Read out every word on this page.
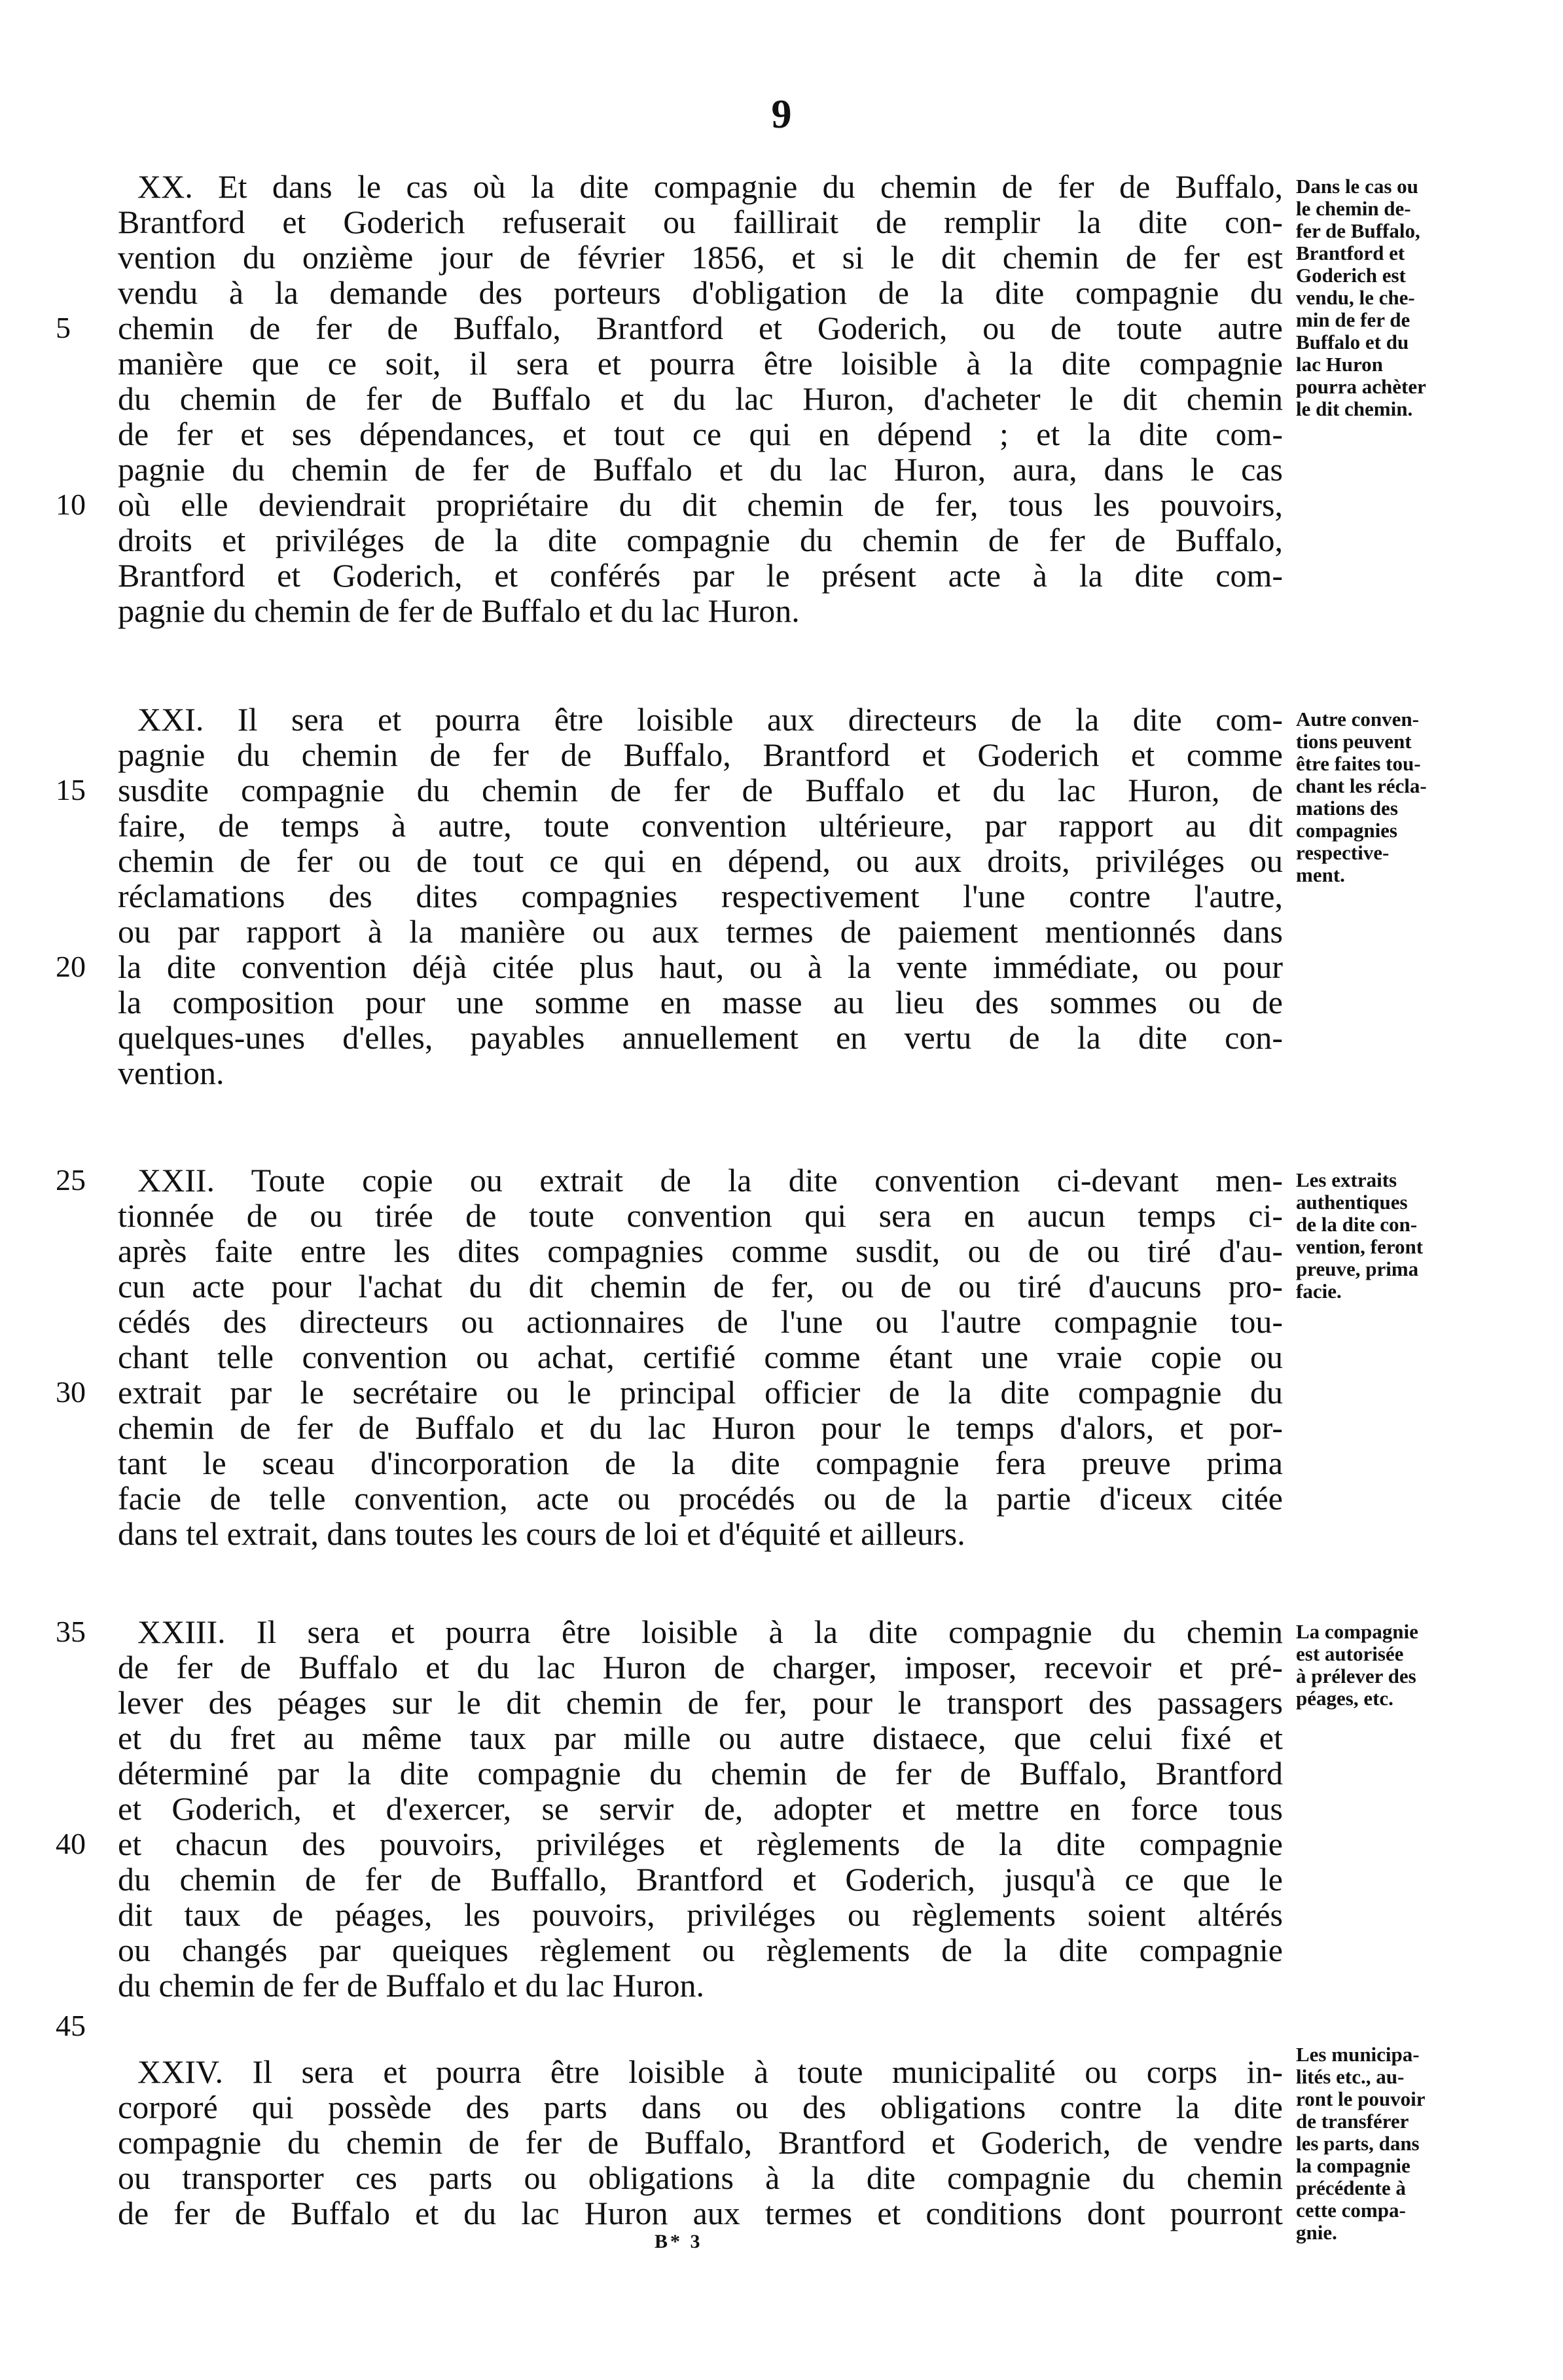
9
XX. Et dans le cas où la dite compagnie du chemin de fer de Buffalo,
Brantford et Goderich refuserait ou faillirait de remplir la dite con-
vention du onzième jour de février 1856, et si le dit chemin de fer est
vendu à la demande des porteurs d'obligation de la dite compagnie du
chemin de fer de Buffalo, Brantford et Goderich, ou de toute autre
manière que ce soit, il sera et pourra être loisible à la dite compagnie
du chemin de fer de Buffalo et du lac Huron, d'acheter le dit chemin
de fer et ses dépendances, et tout ce qui en dépend ; et la dite com-
pagnie du chemin de fer de Buffalo et du lac Huron, aura, dans le cas
où elle deviendrait propriétaire du dit chemin de fer, tous les pouvoirs,
droits et priviléges de la dite compagnie du chemin de fer de Buffalo,
Brantford et Goderich, et conférés par le présent acte à la dite com-
pagnie du chemin de fer de Buffalo et du lac Huron.
Dans le cas ou
le chemin de-
fer de Buffalo,
Brantford et
Goderich est
vendu, le che-
min de fer de
Buffalo et du
lac Huron
pourra achèter
le dit chemin.
XXI. Il sera et pourra être loisible aux directeurs de la dite com-
pagnie du chemin de fer de Buffalo, Brantford et Goderich et comme
susdite compagnie du chemin de fer de Buffalo et du lac Huron, de
faire, de temps à autre, toute convention ultérieure, par rapport au dit
chemin de fer ou de tout ce qui en dépend, ou aux droits, priviléges ou
réclamations des dites compagnies respectivement l'une contre l'autre,
ou par rapport à la manière ou aux termes de paiement mentionnés dans
la dite convention déjà citée plus haut, ou à la vente immédiate, ou pour
la composition pour une somme en masse au lieu des sommes ou de
quelques-unes d'elles, payables annuellement en vertu de la dite con-
vention.
Autre conven-
tions peuvent
être faites tou-
chant les récla-
mations des
compagnies
respective-
ment.
XXII. Toute copie ou extrait de la dite convention ci-devant men-
tionnée de ou tirée de toute convention qui sera en aucun temps ci-
après faite entre les dites compagnies comme susdit, ou de ou tiré d'au-
cun acte pour l'achat du dit chemin de fer, ou de ou tiré d'aucuns pro-
cédés des directeurs ou actionnaires de l'une ou l'autre compagnie tou-
chant telle convention ou achat, certifié comme étant une vraie copie ou
extrait par le secrétaire ou le principal officier de la dite compagnie du
chemin de fer de Buffalo et du lac Huron pour le temps d'alors, et por-
tant le sceau d'incorporation de la dite compagnie fera preuve prima
facie de telle convention, acte ou procédés ou de la partie d'iceux citée
dans tel extrait, dans toutes les cours de loi et d'équité et ailleurs.
Les extraits
authentiques
de la dite con-
vention, feront
preuve, prima
facie.
XXIII. Il sera et pourra être loisible à la dite compagnie du chemin
de fer de Buffalo et du lac Huron de charger, imposer, recevoir et pré-
lever des péages sur le dit chemin de fer, pour le transport des passagers
et du fret au même taux par mille ou autre distaece, que celui fixé et
déterminé par la dite compagnie du chemin de fer de Buffalo, Brantford
et Goderich, et d'exercer, se servir de, adopter et mettre en force tous
et chacun des pouvoirs, priviléges et règlements de la dite compagnie
du chemin de fer de Buffallo, Brantford et Goderich, jusqu'à ce que le
dit taux de péages, les pouvoirs, priviléges ou règlements soient altérés
ou changés par queiques règlement ou règlements de la dite compagnie
du chemin de fer de Buffalo et du lac Huron.
La compagnie
est autorisée
à prélever des
péages, etc.
XXIV. Il sera et pourra être loisible à toute municipalité ou corps in-
corporé qui possède des parts dans ou des obligations contre la dite
compagnie du chemin de fer de Buffalo, Brantford et Goderich, de vendre
ou transporter ces parts ou obligations à la dite compagnie du chemin
de fer de Buffalo et du lac Huron aux termes et conditions dont pourront
Les municipa-
lités etc., au-
ront le pouvoir
de transférer
les parts, dans
la compagnie
précédente à
cette compa-
gnie.
B* 3
5
10
15
20
25
30
35
40
45
